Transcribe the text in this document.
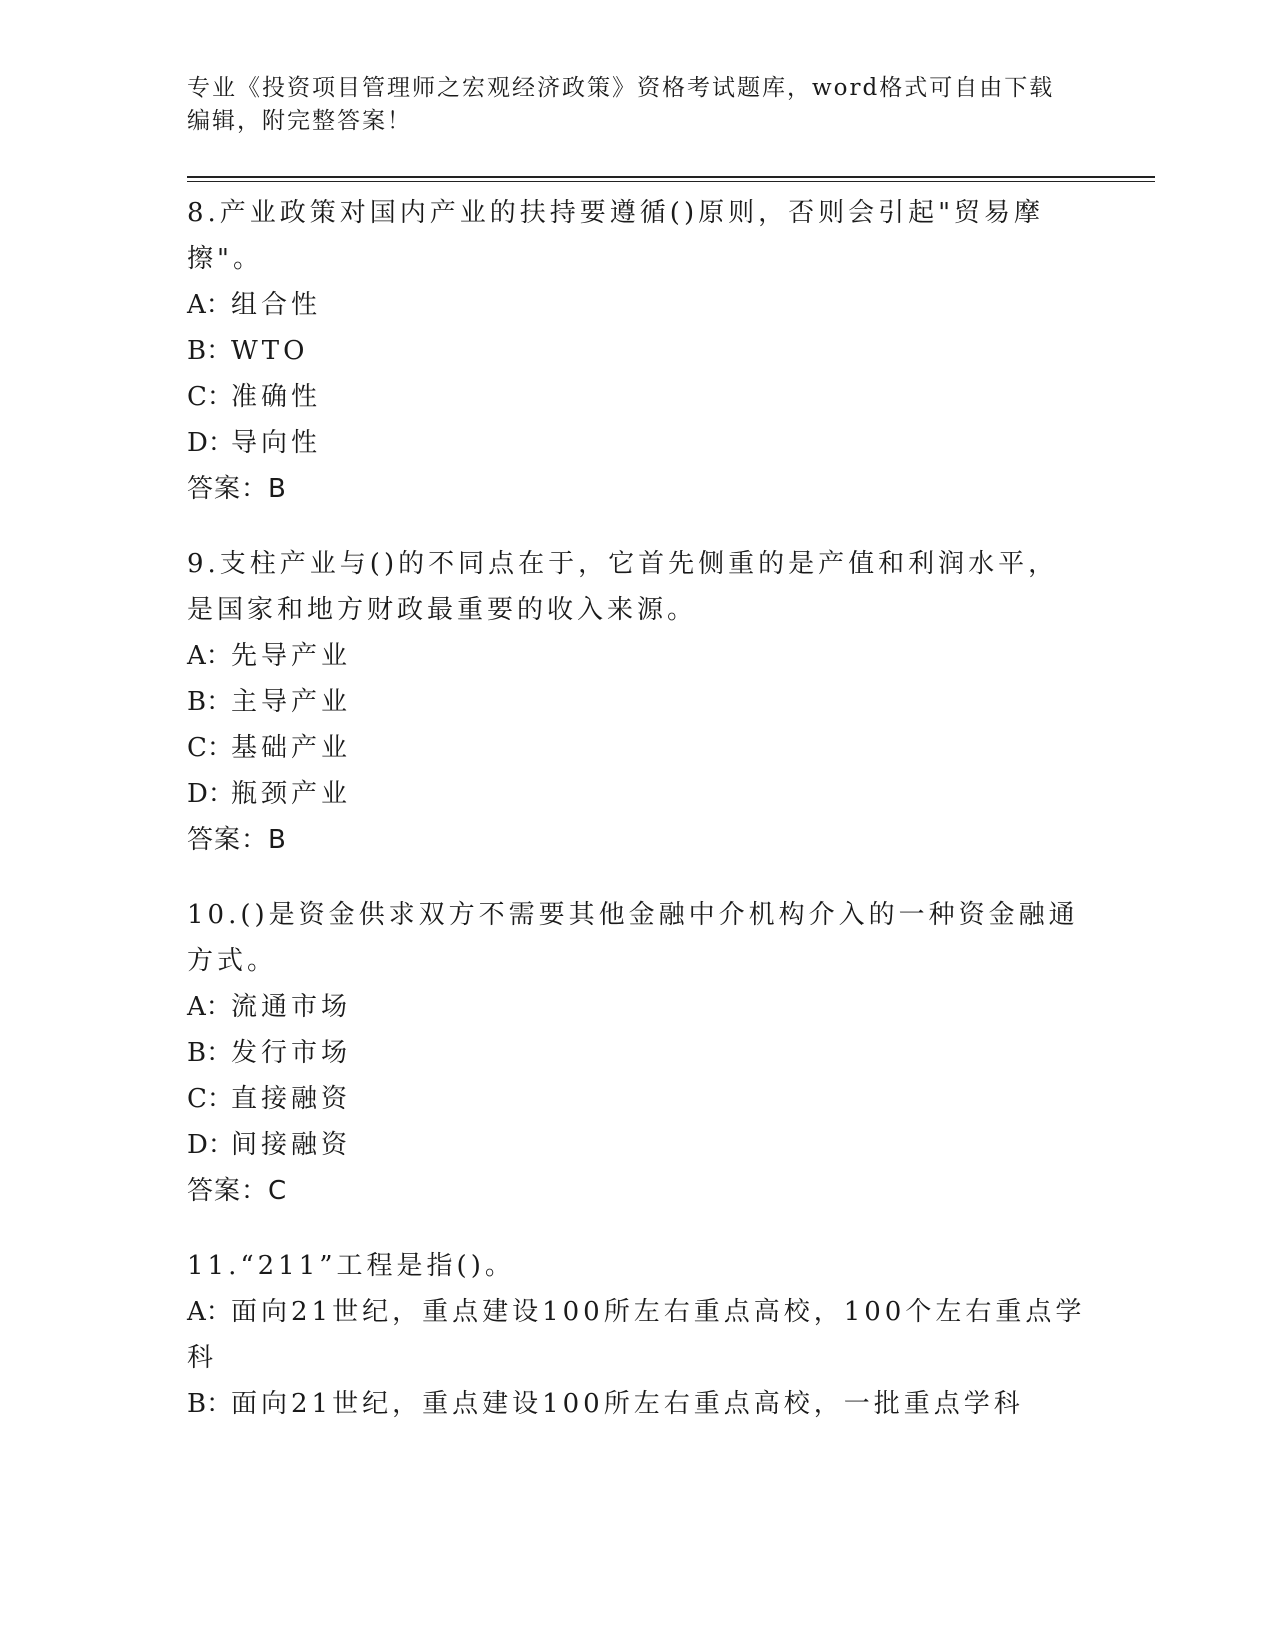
专业《投资项目管理师之宏观经济政策》资格考试题库，word格式可自由下载编辑，附完整答案！

8.产业政策对国内产业的扶持要遵循()原则，否则会引起"贸易摩擦"。

A：组合性

B：WTO

C：准确性

D：导向性

答案：B

9.支柱产业与()的不同点在于，它首先侧重的是产值和利润水平，是国家和地方财政最重要的收入来源。

A：先导产业

B：主导产业

C：基础产业

D：瓶颈产业

答案：B

10.()是资金供求双方不需要其他金融中介机构介入的一种资金融通方式。

A：流通市场

B：发行市场

C：直接融资

D：间接融资

答案：C

11.“211”工程是指()。

A：面向21世纪，重点建设100所左右重点高校，100个左右重点学科

B：面向21世纪，重点建设100所左右重点高校，一批重点学科
